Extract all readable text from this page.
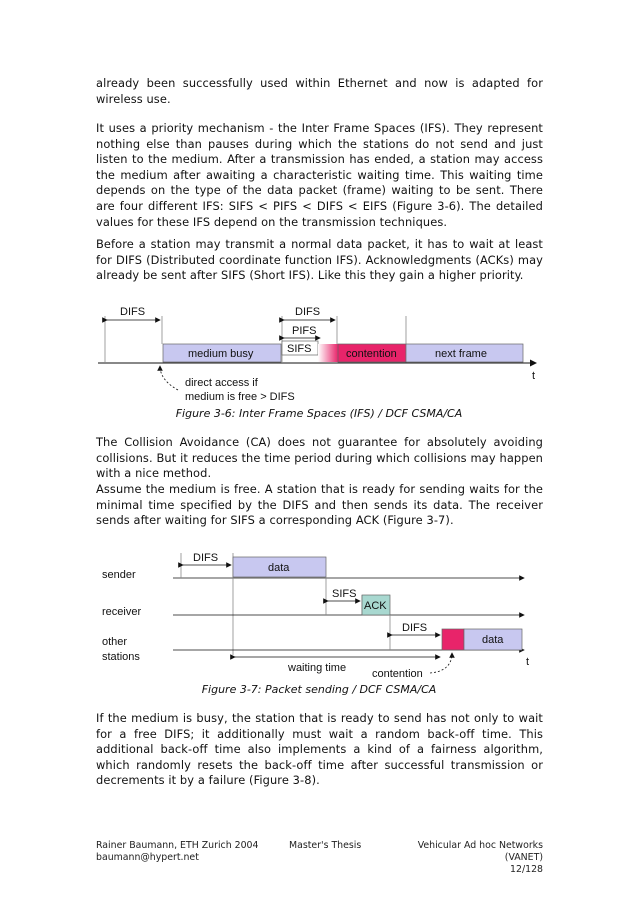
already been successfully used within Ethernet and now is adapted for wireless use.

It uses a priority mechanism - the Inter Frame Spaces (IFS). They represent nothing else than pauses during which the stations do not send and just listen to the medium. After a transmission has ended, a station may access the medium after awaiting a characteristic waiting time. This waiting time depends on the type of the data packet (frame) waiting to be sent. There are four different IFS: SIFS < PIFS < DIFS < EIFS (Figure 3-6). The detailed values for these IFS depend on the transmission techniques.

Before a station may transmit a normal data packet, it has to wait at least for DIFS (Distributed coordinate function IFS). Acknowledgments (ACKs) may already be sent after SIFS (Short IFS). Like this they gain a higher priority.

DIFS
medium busy
DIFS
PIFS
SIFS	contention	next frame
t
direct access if
medium is free > DIFS

Figure 3-6: Inter Frame Spaces (IFS) / DCF CSMA/CA

The Collision Avoidance (CA) does not guarantee for absolutely avoiding collisions. But it reduces the time period during which collisions may happen with a nice method.

Assume the medium is free. A station that is ready for sending waits for the minimal time specified by the DIFS and then sends its data. The receiver sends after waiting for SIFS a corresponding ACK (Figure 3-7).

sender
DIFS
data
receiver
SIFS
ACK
other
stations
DIFS
data
t
waiting time contention

Figure 3-7: Packet sending / DCF CSMA/CA

If the medium is busy, the station that is ready to send has not only to wait for a free DIFS; it additionally must wait a random back-off time. This additional back-off time also implements a kind of a fairness algorithm, which randomly resets the back-off time after successful transmission or decrements it by a failure (Figure 3-8).

Rainer Baumann, ETH Zurich 2004
baumann@hypert.net
Master's Thesis	Vehicular Ad hoc Networks (VANET)
12/128
